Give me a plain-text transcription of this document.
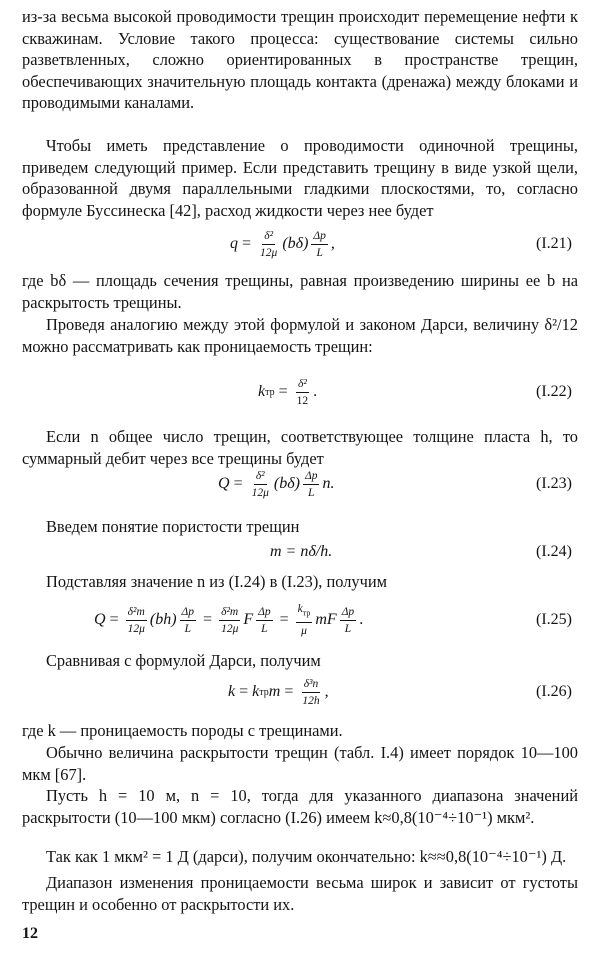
из-за весьма высокой проводимости трещин происходит перемещение нефти к скважинам. Условие такого процесса: существование системы сильно разветвленных, сложно ориентированных в пространстве трещин, обеспечивающих значительную площадь контакта (дренажа) между блоками и проводимыми каналами.

Чтобы иметь представление о проводимости одиночной трещины, приведем следующий пример. Если представить трещину в виде узкой щели, образованной двумя параллельными гладкими плоскостями, то, согласно формуле Буссинеска [42], расход жидкости через нее будет

$q = \frac{\text{δ²}}{12\mu} (b\delta) \frac{\Delta p}{L}$ ,	(I.21)

где bδ — площадь сечения трещины, равная произведению ширины ее b на раскрытость трещины.

Проведя аналогию между этой формулой и законом Дарси, величину δ²/12 можно рассматривать как проницаемость трещин:

k тр = $\frac{\text{δ²}}{12}$ .	(I.22)

Если n общее число трещин, соответствующее толщине пласта h, то суммарный дебит через все трещины будет

$Q = \frac{\text{δ²}}{12\mu} (b\delta) \frac{\Delta p}{L} n$.	(I.23)

Введем понятие пористости трещин

m = nδ/h.	(I.24)

Подставляя значение n из (I.24) в (I.23), получим

$Q = \frac{\text{δ²m}}{12\mu} (bh) \frac{\Delta p}{L} = \frac{\text{δ²m}}{12\mu}$ F $\frac{\Delta p}{L} = \frac{k_{тр}}{\mu}$ mF $\frac{\Delta p}{L}$ .	(I.25)

Сравнивая с формулой Дарси, получим

k = k тр $m = \frac{\text{δ³n}}{12h}$ ,	(I.26)

где k — проницаемость породы с трещинами.

Обычно величина раскрытости трещин (табл. I.4) имеет порядок 10—100 мкм [67].

Пусть h = 10 м, n = 10, тогда для указанного диапазона значений раскрытости (10—100 мкм) согласно (I.26) имеем k≈0,8(10⁻⁴÷10⁻¹) мкм².

Так как 1 мкм² = 1 Д (дарси), получим окончательно: k≈≈0,8(10⁻⁴÷10⁻¹) Д.

Диапазон изменения проницаемости весьма широк и зависит от густоты трещин и особенно от раскрытости их.

12
